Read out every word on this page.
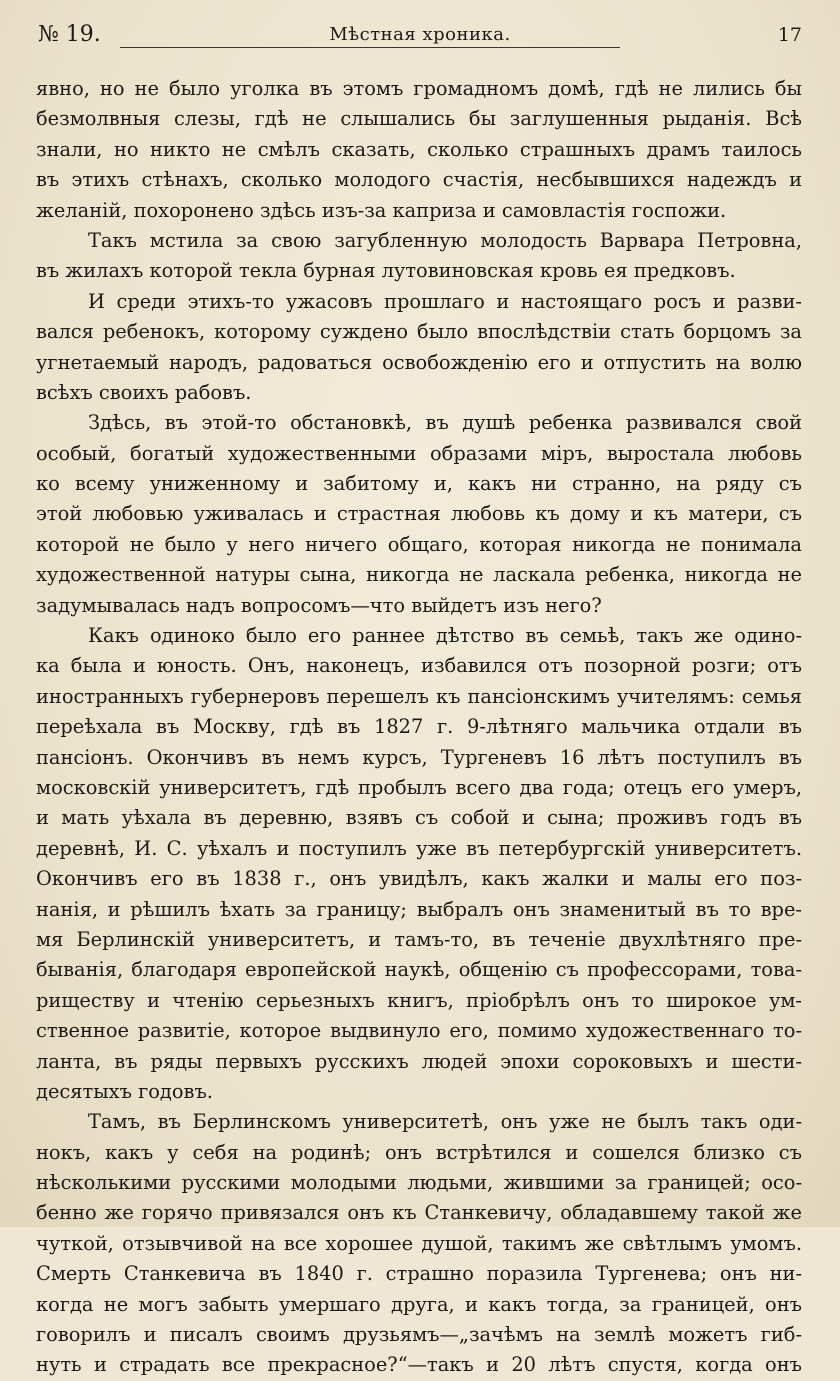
№ 19.	Мѣстная хроника.	17
явно, но не было уголка въ этомъ громадномъ домѣ, гдѣ не лились бы
безмолвныя слезы, гдѣ не слышались бы заглушенныя рыданія. Всѣ
знали, но никто не смѣлъ сказать, сколько страшныхъ драмъ таилось
въ этихъ стѣнахъ, сколько молодого счастія, несбывшихся надеждъ и
желаній, похоронено здѣсь изъ-за каприза и самовластія госпожи.
Такъ мстила за свою загубленную молодость Варвара Петровна,
въ жилахъ которой текла бурная лутовиновская кровь ея предковъ.
И среди этихъ-то ужасовъ прошлаго и настоящаго росъ и разви-
вался ребенокъ, которому суждено было впослѣдствіи стать борцомъ за
угнетаемый народъ, радоваться освобожденію его и отпустить на волю
всѣхъ своихъ рабовъ.
Здѣсь, въ этой-то обстановкѣ, въ душѣ ребенка развивался свой
особый, богатый художественными образами міръ, выростала любовь
ко всему униженному и забитому и, какъ ни странно, на ряду съ
этой любовью уживалась и страстная любовь къ дому и къ матери, съ
которой не было у него ничего общаго, которая никогда не понимала
художественной натуры сына, никогда не ласкала ребенка, никогда не
задумывалась надъ вопросомъ—что выйдетъ изъ него?
Какъ одиноко было его раннее дѣтство въ семьѣ, такъ же одино-
ка была и юность. Онъ, наконецъ, избавился отъ позорной розги; отъ
иностранныхъ губернеровъ перешелъ къ пансіонскимъ учителямъ: семья
переѣхала въ Москву, гдѣ въ 1827 г. 9-лѣтняго мальчика отдали въ
пансіонъ. Окончивъ въ немъ курсъ, Тургеневъ 16 лѣтъ поступилъ въ
московскій университетъ, гдѣ пробылъ всего два года; отецъ его умеръ,
и мать уѣхала въ деревню, взявъ съ собой и сына; проживъ годъ въ
деревнѣ, И. С. уѣхалъ и поступилъ уже въ петербургскій университетъ.
Окончивъ его въ 1838 г., онъ увидѣлъ, какъ жалки и малы его поз-
нанія, и рѣшилъ ѣхать за границу; выбралъ онъ знаменитый въ то вре-
мя Берлинскій университетъ, и тамъ-то, въ теченіе двухлѣтняго пре-
быванія, благодаря европейской наукѣ, общенію съ профессорами, това-
риществу и чтенію серьезныхъ книгъ, пріобрѣлъ онъ то широкое ум-
ственное развитіе, которое выдвинуло его, помимо художественнаго то-
ланта, въ ряды первыхъ русскихъ людей эпохи сороковыхъ и шести-
десятыхъ годовъ.
Тамъ, въ Берлинскомъ университетѣ, онъ уже не былъ такъ оди-
нокъ, какъ у себя на родинѣ; онъ встрѣтился и сошелся близко съ
нѣсколькими русскими молодыми людьми, жившими за границей; осо-
бенно же горячо привязался онъ къ Станкевичу, обладавшему такой же
чуткой, отзывчивой на все хорошее душой, такимъ же свѣтлымъ умомъ.
Смерть Станкевича въ 1840 г. страшно поразила Тургенева; онъ ни-
когда не могъ забыть умершаго друга, и какъ тогда, за границей, онъ
говорилъ и писалъ своимъ друзьямъ—„зачѣмъ на землѣ можетъ гиб-
нуть и страдать все прекрасное?“—такъ и 20 лѣтъ спустя, когда онъ
